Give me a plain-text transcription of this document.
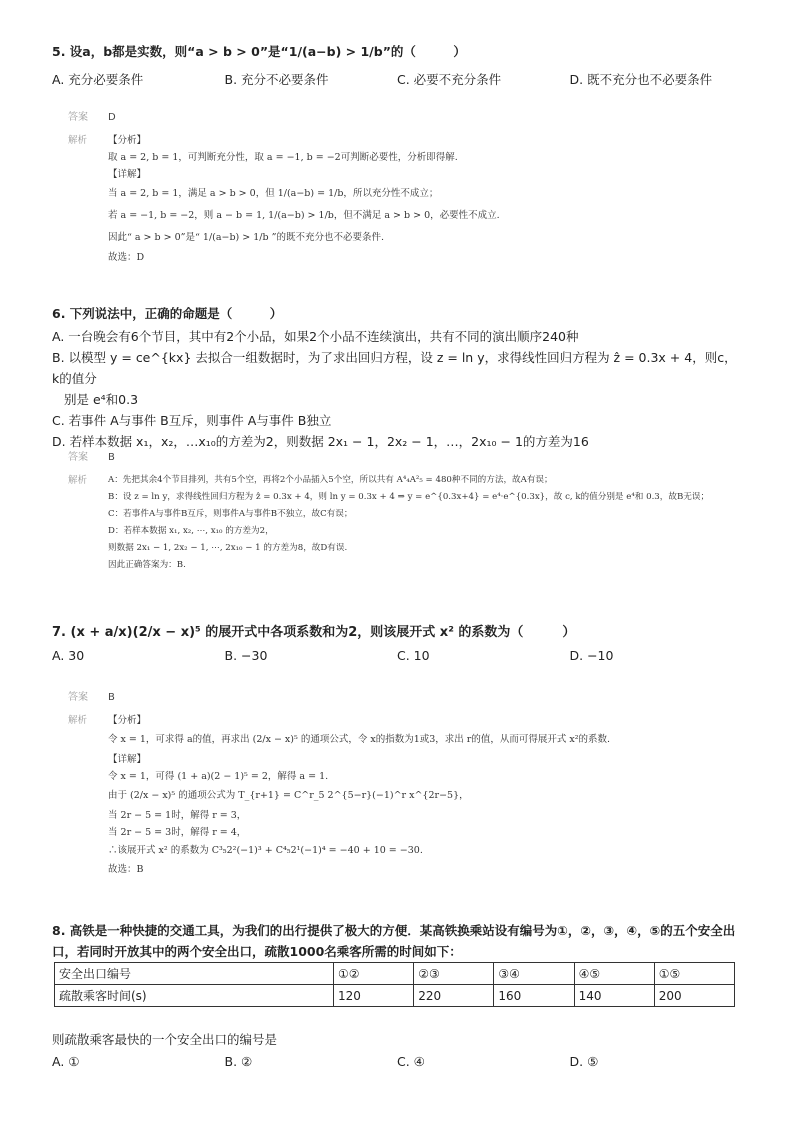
5. 设a，b都是实数，则“a > b > 0”是“1/(a−b) > 1/b”的（　　　）
A. 充分必要条件	B. 充分不必要条件	C. 必要不充分条件	D. 既不充分也不必要条件
答案 D
解析 【分析】
取 a = 2, b = 1，可判断充分性，取 a = −1, b = −2可判断必要性，分析即得解.
【详解】
当 a = 2, b = 1，满足 a > b > 0，但 1/(a−b) = 1/b，所以充分性不成立；
若 a = −1, b = −2，则 a − b = 1, 1/(a−b) > 1/b，但不满足 a > b > 0，必要性不成立.
因此“ a > b > 0”是“ 1/(a−b) > 1/b ”的既不充分也不必要条件.
故选：D
6. 下列说法中，正确的命题是（　　　）
A. 一台晚会有6个节目，其中有2个小品，如果2个小品不连续演出，共有不同的演出顺序240种
B. 以模型 y = ce^{kx} 去拟合一组数据时，为了求出回归方程，设 z = ln y，求得线性回归方程为 ẑ = 0.3x + 4，则c，k的值分
别是 e⁴和0.3
C. 若事件 A与事件 B互斥，则事件 A与事件 B独立
D. 若样本数据 x₁，x₂，…x₁₀的方差为2，则数据 2x₁ − 1，2x₂ − 1，…，2x₁₀ − 1的方差为16
答案 B
解析 A：先把其余4个节目排列，共有5个空，再将2个小品插入5个空，所以共有 A⁴₄A²₅ = 480种不同的方法，故A有误；
B：设 z = ln y，求得线性回归方程为 ẑ = 0.3x + 4，则 ln y = 0.3x + 4 ⇒ y = e^{0.3x+4} = e⁴·e^{0.3x}，故 c, k的值分别是 e⁴和 0.3，故B无误；
C：若事件A与事件B互斥，则事件A与事件B不独立，故C有误；
D：若样本数据 x₁, x₂, ⋯, x₁₀ 的方差为2，
则数据 2x₁ − 1, 2x₂ − 1, ⋯, 2x₁₀ − 1 的方差为8，故D有误.
因此正确答案为：B.
7. (x + a/x)(2/x − x)⁵ 的展开式中各项系数和为2，则该展开式 x² 的系数为（　　　）
A. 30	B. −30	C. 10	D. −10
答案 B
解析 【分析】
令 x = 1，可求得 a的值，再求出 (2/x − x)⁵ 的通项公式，令 x的指数为1或3，求出 r的值，从而可得展开式 x²的系数.
【详解】
令 x = 1，可得 (1 + a)(2 − 1)⁵ = 2，解得 a = 1.
由于 (2/x − x)⁵ 的通项公式为 T_{r+1} = C^r_5 2^{5−r}(−1)^r x^{2r−5}，
当 2r − 5 = 1时，解得 r = 3，
当 2r − 5 = 3时，解得 r = 4，
∴该展开式 x² 的系数为 C³₅2²(−1)³ + C⁴₅2¹(−1)⁴ = −40 + 10 = −30.
故选：B
8. 高铁是一种快捷的交通工具，为我们的出行提供了极大的方便．某高铁换乘站设有编号为①，②，③，④，⑤的五个安全出
口，若同时开放其中的两个安全出口，疏散1000名乘客所需的时间如下：
安全出口编号	①②	②③	③④	④⑤	①⑤
疏散乘客时间(s)	120	220	160	140	200
则疏散乘客最快的一个安全出口的编号是
A. ①	B. ②	C. ④	D. ⑤
